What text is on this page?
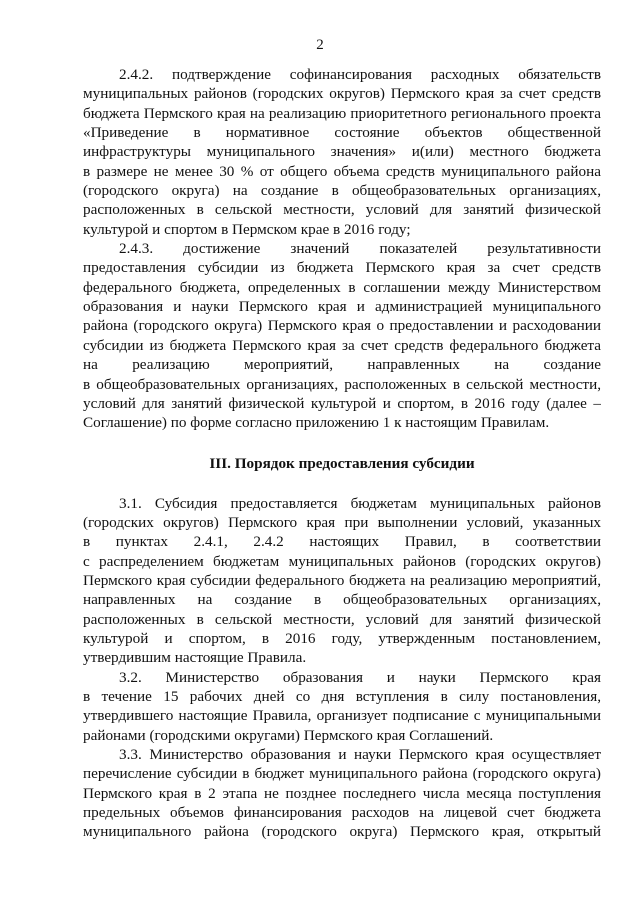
2
2.4.2. подтверждение софинансирования расходных обязательств
муниципальных районов (городских округов) Пермского края за счет средств
бюджета Пермского края на реализацию приоритетного регионального проекта
«Приведение в нормативное состояние объектов общественной
инфраструктуры муниципального значения» и(или) местного бюджета
в размере не менее 30 % от общего объема средств муниципального района
(городского округа) на создание в общеобразовательных организациях,
расположенных в сельской местности, условий для занятий физической
культурой и спортом в Пермском крае в 2016 году;
2.4.3. достижение значений показателей результативности
предоставления субсидии из бюджета Пермского края за счет средств
федерального бюджета, определенных в соглашении между Министерством
образования и науки Пермского края и администрацией муниципального
района (городского округа) Пермского края о предоставлении и расходовании
субсидии из бюджета Пермского края за счет средств федерального бюджета
на реализацию мероприятий, направленных на создание
в общеобразовательных организациях, расположенных в сельской местности,
условий для занятий физической культурой и спортом, в 2016 году (далее –
Соглашение) по форме согласно приложению 1 к настоящим Правилам.
III. Порядок предоставления субсидии
3.1. Субсидия предоставляется бюджетам муниципальных районов
(городских округов) Пермского края при выполнении условий, указанных
в пунктах 2.4.1, 2.4.2 настоящих Правил, в соответствии
с распределением бюджетам муниципальных районов (городских округов)
Пермского края субсидии федерального бюджета на реализацию мероприятий,
направленных на создание в общеобразовательных организациях,
расположенных в сельской местности, условий для занятий физической
культурой и спортом, в 2016 году, утвержденным постановлением,
утвердившим настоящие Правила.
3.2. Министерство образования и науки Пермского края
в течение 15 рабочих дней со дня вступления в силу постановления,
утвердившего настоящие Правила, организует подписание с муниципальными
районами (городскими округами) Пермского края Соглашений.
3.3. Министерство образования и науки Пермского края осуществляет
перечисление субсидии в бюджет муниципального района (городского округа)
Пермского края в 2 этапа не позднее последнего числа месяца поступления
предельных объемов финансирования расходов на лицевой счет бюджета
муниципального района (городского округа) Пермского края, открытый
